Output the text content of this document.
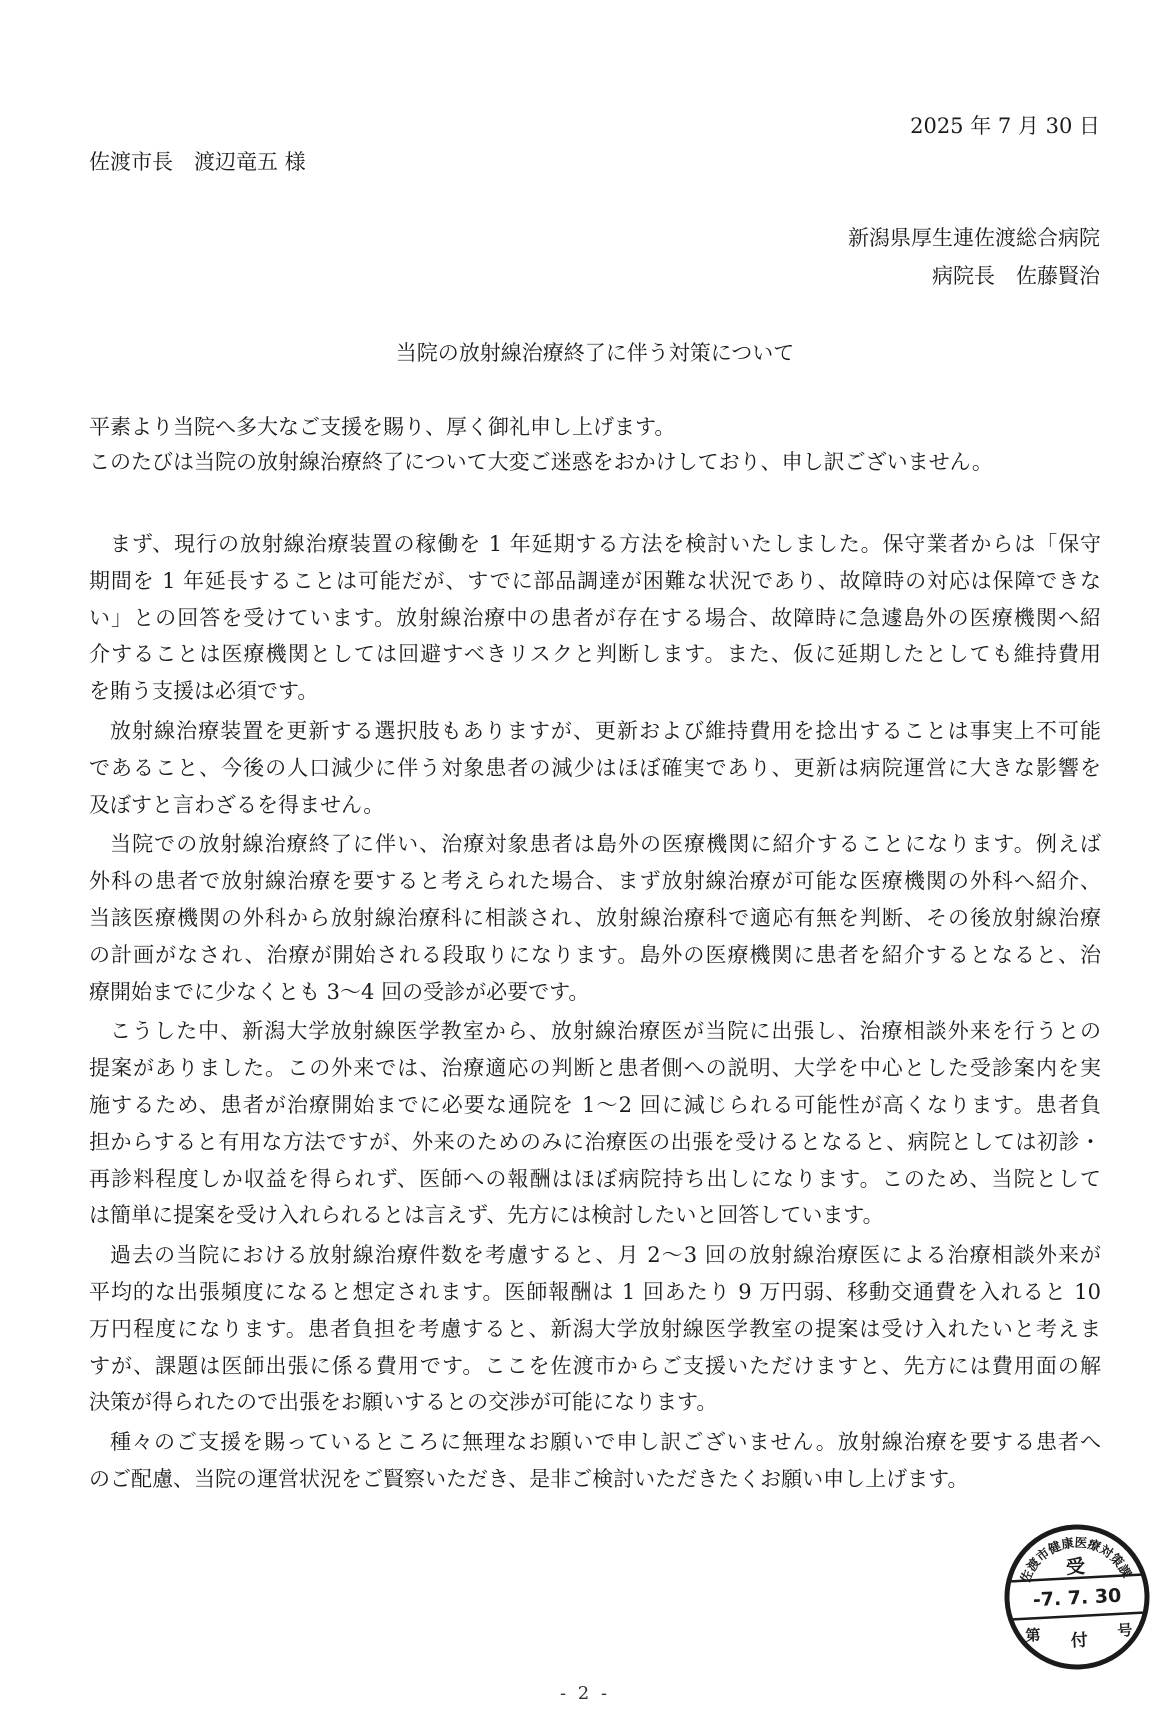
2025 年 7 月 30 日
佐渡市長　渡辺竜五 様
新潟県厚生連佐渡総合病院
病院長　佐藤賢治
当院の放射線治療終了に伴う対策について
平素より当院へ多大なご支援を賜り、厚く御礼申し上げます。
このたびは当院の放射線治療終了について大変ご迷惑をおかけしており、申し訳ございません。
まず、現行の放射線治療装置の稼働を 1 年延期する方法を検討いたしました。保守業者からは「保守
期間を 1 年延長することは可能だが、すでに部品調達が困難な状況であり、故障時の対応は保障できな
い」との回答を受けています。放射線治療中の患者が存在する場合、故障時に急遽島外の医療機関へ紹
介することは医療機関としては回避すべきリスクと判断します。また、仮に延期したとしても維持費用
を賄う支援は必須です。
放射線治療装置を更新する選択肢もありますが、更新および維持費用を捻出することは事実上不可能
であること、今後の人口減少に伴う対象患者の減少はほぼ確実であり、更新は病院運営に大きな影響を
及ぼすと言わざるを得ません。
当院での放射線治療終了に伴い、治療対象患者は島外の医療機関に紹介することになります。例えば
外科の患者で放射線治療を要すると考えられた場合、まず放射線治療が可能な医療機関の外科へ紹介、
当該医療機関の外科から放射線治療科に相談され、放射線治療科で適応有無を判断、その後放射線治療
の計画がなされ、治療が開始される段取りになります。島外の医療機関に患者を紹介するとなると、治
療開始までに少なくとも 3～4 回の受診が必要です。
こうした中、新潟大学放射線医学教室から、放射線治療医が当院に出張し、治療相談外来を行うとの
提案がありました。この外来では、治療適応の判断と患者側への説明、大学を中心とした受診案内を実
施するため、患者が治療開始までに必要な通院を 1～2 回に減じられる可能性が高くなります。患者負
担からすると有用な方法ですが、外来のためのみに治療医の出張を受けるとなると、病院としては初診・
再診料程度しか収益を得られず、医師への報酬はほぼ病院持ち出しになります。このため、当院として
は簡単に提案を受け入れられるとは言えず、先方には検討したいと回答しています。
過去の当院における放射線治療件数を考慮すると、月 2～3 回の放射線治療医による治療相談外来が
平均的な出張頻度になると想定されます。医師報酬は 1 回あたり 9 万円弱、移動交通費を入れると 10
万円程度になります。患者負担を考慮すると、新潟大学放射線医学教室の提案は受け入れたいと考えま
すが、課題は医師出張に係る費用です。ここを佐渡市からご支援いただけますと、先方には費用面の解
決策が得られたので出張をお願いするとの交渉が可能になります。
種々のご支援を賜っているところに無理なお願いで申し訳ございません。放射線治療を要する患者へ
のご配慮、当院の運営状況をご賢察いただき、是非ご検討いただきたくお願い申し上げます。
佐渡市健康医療対策課
受
-7. 7. 30
第 付 号
- 2 -
